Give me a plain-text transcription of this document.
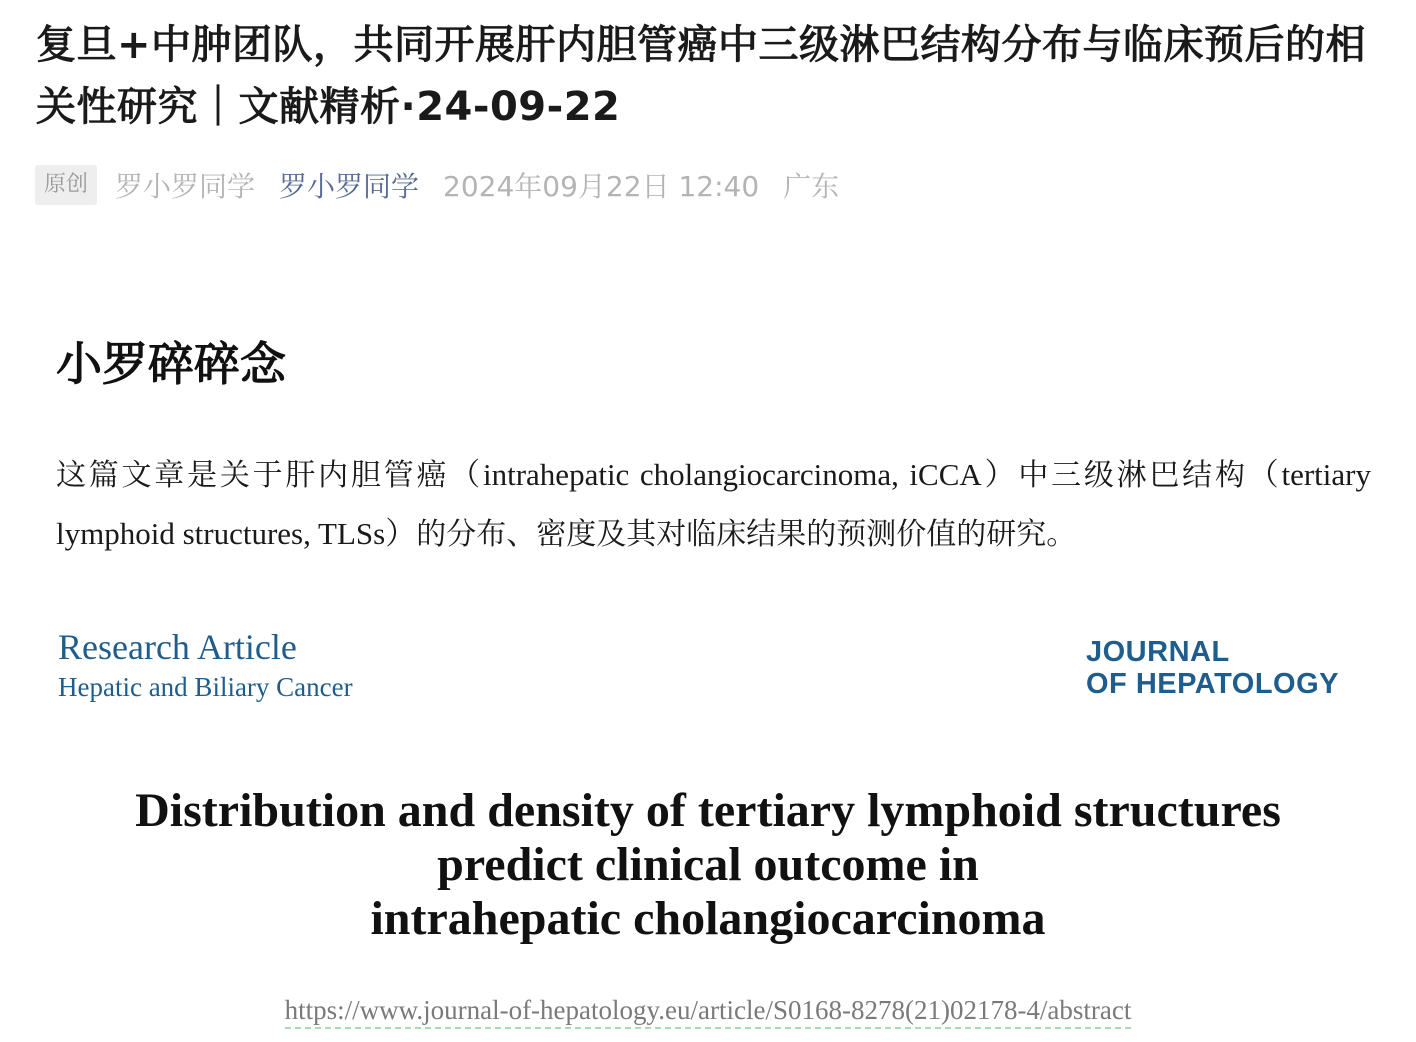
复旦+中肿团队，共同开展肝内胆管癌中三级淋巴结构分布与临床预后的相关性研究｜文献精析·24-09-22
原创 罗小罗同学 罗小罗同学 2024年09月22日 12:40 广东
小罗碎碎念

这篇文章是关于肝内胆管癌（intrahepatic cholangiocarcinoma, iCCA）中三级淋巴结构（tertiary lymphoid structures, TLSs）的分布、密度及其对临床结果的预测价值的研究。

Research Article
Hepatic and Biliary Cancer
JOURNAL
OF HEPATOLOGY
Distribution and density of tertiary lymphoid structures
predict clinical outcome in
intrahepatic cholangiocarcinoma
https://www.journal-of-hepatology.eu/article/S0168-8278(21)02178-4/abstract
